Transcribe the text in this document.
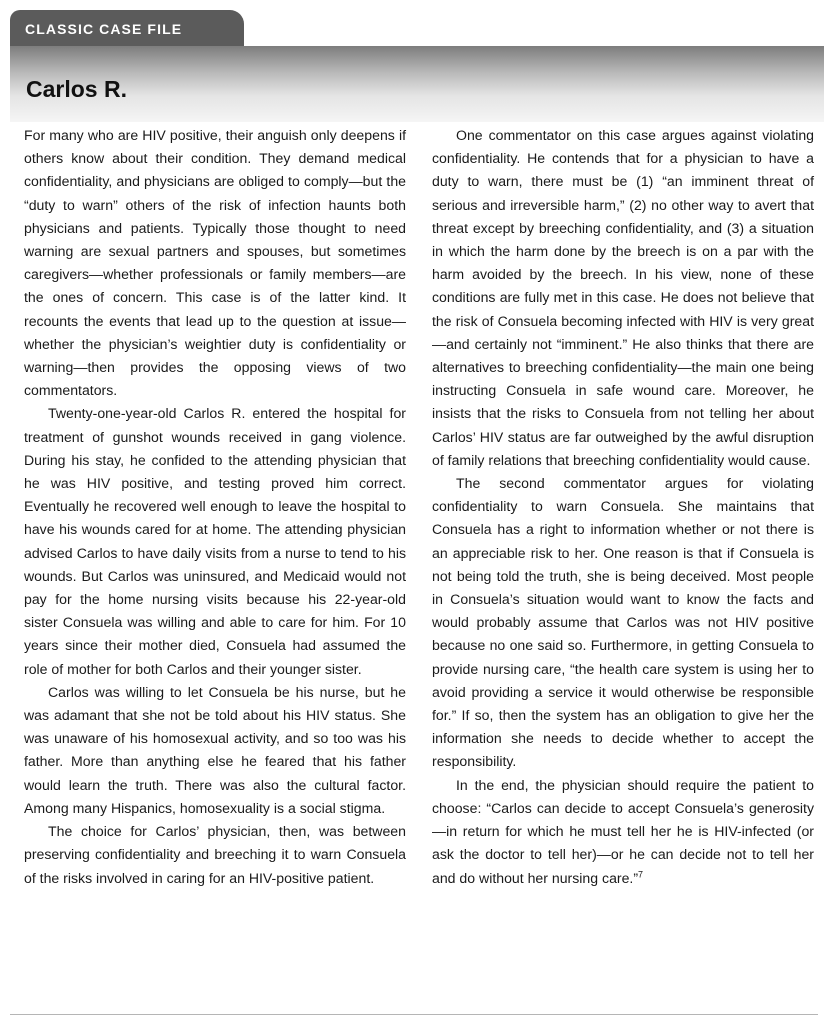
CLASSIC CASE FILE
Carlos R.

For many who are HIV positive, their anguish only deepens if others know about their condition. They demand medical confidentiality, and physicians are obliged to comply—but the “duty to warn” others of the risk of infection haunts both physicians and patients. Typically those thought to need warning are sexual partners and spouses, but sometimes caregivers—whether professionals or family members—are the ones of concern. This case is of the latter kind. It recounts the events that lead up to the question at issue—whether the physician’s weightier duty is confidentiality or warning—then provides the opposing views of two commentators.

Twenty-one-year-old Carlos R. entered the hospital for treatment of gunshot wounds received in gang violence. During his stay, he confided to the attending physician that he was HIV positive, and testing proved him correct. Eventually he recovered well enough to leave the hospital to have his wounds cared for at home. The attending physician advised Carlos to have daily visits from a nurse to tend to his wounds. But Carlos was uninsured, and Medicaid would not pay for the home nursing visits because his 22-year-old sister Consuela was willing and able to care for him. For 10 years since their mother died, Consuela had assumed the role of mother for both Carlos and their younger sister.

Carlos was willing to let Consuela be his nurse, but he was adamant that she not be told about his HIV status. She was unaware of his homosexual activity, and so too was his father. More than anything else he feared that his father would learn the truth. There was also the cultural factor. Among many Hispanics, homosexuality is a social stigma.

The choice for Carlos’ physician, then, was between preserving confidentiality and breeching it to warn Consuela of the risks involved in caring for an HIV-positive patient.

One commentator on this case argues against violating confidentiality. He contends that for a physician to have a duty to warn, there must be (1) “an imminent threat of serious and irreversible harm,” (2) no other way to avert that threat except by breeching confidentiality, and (3) a situation in which the harm done by the breech is on a par with the harm avoided by the breech. In his view, none of these conditions are fully met in this case. He does not believe that the risk of Consuela becoming infected with HIV is very great—and certainly not “imminent.” He also thinks that there are alternatives to breeching confidentiality—the main one being instructing Consuela in safe wound care. Moreover, he insists that the risks to Consuela from not telling her about Carlos’ HIV status are far outweighed by the awful disruption of family relations that breeching confidentiality would cause.

The second commentator argues for violating confidentiality to warn Consuela. She maintains that Consuela has a right to information whether or not there is an appreciable risk to her. One reason is that if Consuela is not being told the truth, she is being deceived. Most people in Consuela’s situation would want to know the facts and would probably assume that Carlos was not HIV positive because no one said so. Furthermore, in getting Consuela to provide nursing care, “the health care system is using her to avoid providing a service it would otherwise be responsible for.” If so, then the system has an obligation to give her the information she needs to decide whether to accept the responsibility.

In the end, the physician should require the patient to choose: “Carlos can decide to accept Consuela’s generosity—in return for which he must tell her he is HIV-infected (or ask the doctor to tell her)—or he can decide not to tell her and do without her nursing care.”$^7$
